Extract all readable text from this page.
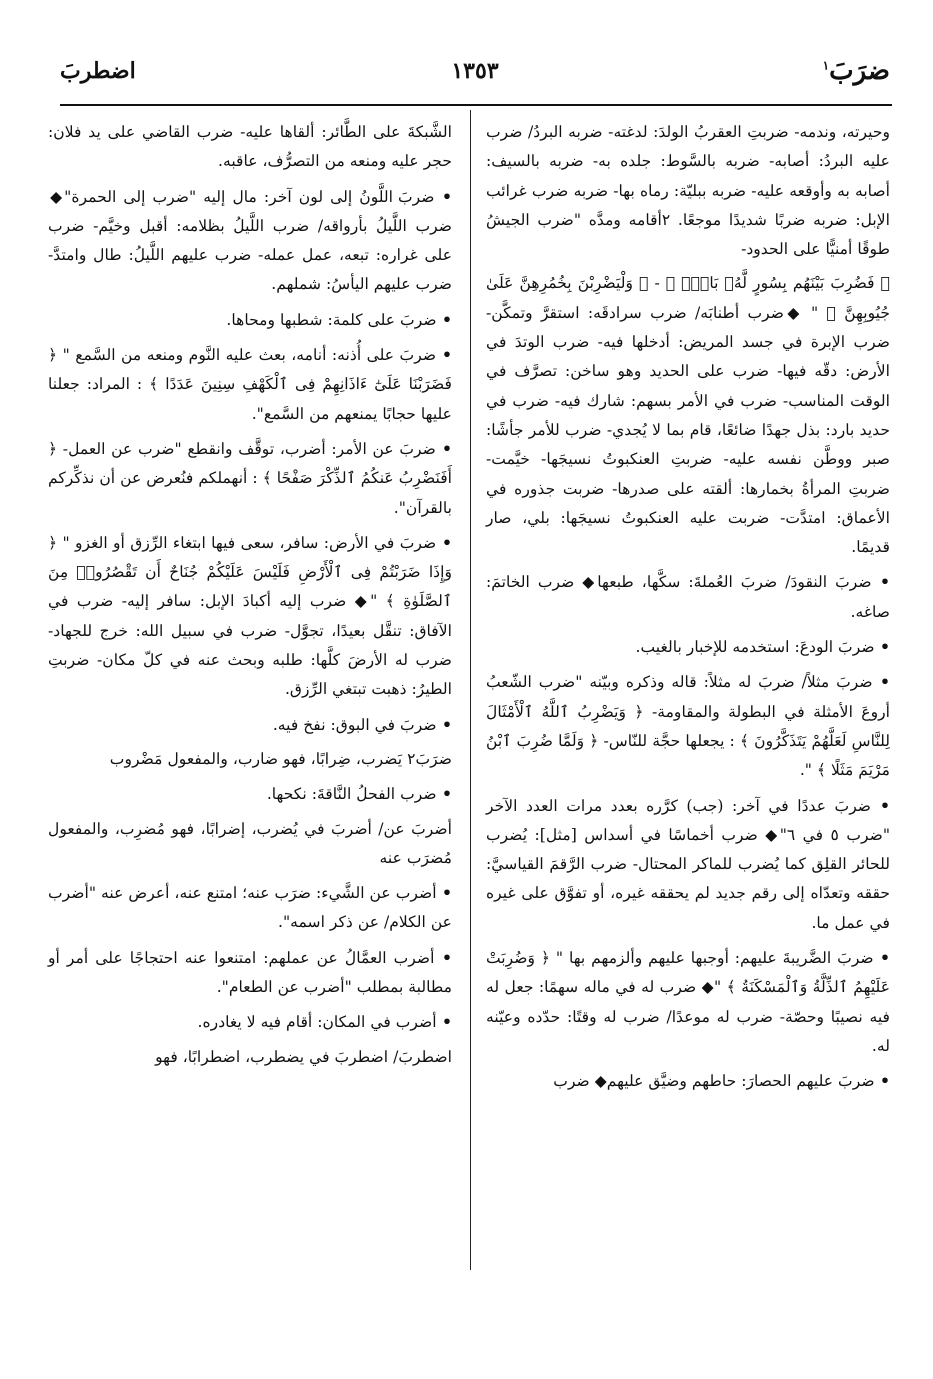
ضرَبَ$^١$
١٣٥٣
اضطربَ

وحيرته، وندمه- ضربتِ العقربُ الولدَ: لدغته- ضربه البردُ/ ضرب عليه البردُ: أصابه- ضربه بالسَّوط: جلده به- ضربه بالسيف: أصابه به وأوقعه عليه- ضربه ببليّة: رماه بها- ضربه ضرب غرائب الإبل: ضربه ضربًا شديدًا موجعًا. ٢أقامه ومدَّه "ضرب الجيشُ طوقًا أمنيًّا على الحدود-

﴿ فَضُرِبَ بَيْنَهُم بِسُورٍ لَّهُۥ بَابٌۢ ﴾ - ﴿ وَلْيَضْرِبْنَ بِخُمُرِهِنَّ عَلَىٰ جُيُوبِهِنَّ ﴾ " ◆ضرب أطنابَه/ ضرب سرادقَه: استقرَّ وتمكَّن- ضرب الإبرة في جسد المريض: أدخلها فيه- ضرب الوتدَ في الأرض: دقّه فيها- ضرب على الحديد وهو ساخن: تصرَّف في الوقت المناسب- ضرب في الأمر بسهم: شارك فيه- ضرب في حديد بارد: بذل جهدًا ضائعًا، قام بما لا يُجدي- ضرب للأمر جأشًا: صبر ووطَّن نفسه عليه- ضربتِ العنكبوتُ نسيجَها- خيَّمت- ضربتِ المرأةُ بخمارها: ألقته على صدرها- ضربت جذوره في الأعماق: امتدَّت- ضربت عليه العنكبوتُ نسيجَها: بلي، صار قديمًا.

• ضربَ النقودَ/ ضربَ العُملةَ: سكَّها، طبعها◆ ضرب الخاتمَ: صاغه.

• ضربَ الودعَ: استخدمه للإخبار بالغيب.

• ضربَ مثلاً/ ضربَ له مثلاً: قاله وذكره وبيّنه "ضرب الشّعبُ أروعَ الأمثلة في البطولة والمقاومة- ﴿ وَيَضْرِبُ ٱللَّهُ ٱلْأَمْثَالَ لِلنَّاسِ لَعَلَّهُمْ يَتَذَكَّرُونَ ﴾ : يجعلها حجَّة للنّاس- ﴿ وَلَمَّا ضُرِبَ ٱبْنُ مَرْيَمَ مَثَلًا ﴾ ".

• ضربَ عددًا في آخر: (جب) كرَّره بعدد مرات العدد الآخر "ضرب ٥ في ٦"◆ ضرب أخماسًا في أسداس [مثل]: يُضرب للحائر القلِق كما يُضرب للماكر المحتال- ضرب الرَّقمَ القياسيَّ: حققه وتعدّاه إلى رقم جديد لم يحققه غيره، أو تفوَّق على غيره في عمل ما.

• ضربَ الضَّريبةَ عليهم: أوجبها عليهم وألزمهم بها " ﴿ وَضُرِبَتْ عَلَيْهِمُ ٱلذِّلَّةُ وَٱلْمَسْكَنَةُ ﴾ "◆ ضرب له في ماله سهمًا: جعل له فيه نصيبًا وحصّة- ضرب له موعدًا/ ضرب له وقتًا: حدّده وعيّنه له.

• ضربَ عليهم الحصارَ: حاطهم وضيَّق عليهم◆ ضرب

الشَّبكةَ على الطَّائر: ألقاها عليه- ضرب القاضي على يد فلان: حجر عليه ومنعه من التصرُّف، عاقبه.

• ضربَ اللَّونُ إلى لون آخر: مال إليه "ضرب إلى الحمرة"◆ ضرب اللَّيلُ بأرواقه/ ضرب اللَّيلُ بظلامه: أقبل وخيَّم- ضرب على غراره: تبعه، عمل عمله- ضرب عليهم اللَّيلُ: طال وامتدَّ- ضرب عليهم اليأسُ: شملهم.

• ضربَ على كلمة: شطبها ومحاها.

• ضربَ على أُذنه: أنامه، بعث عليه النَّوم ومنعه من السَّمع " ﴿ فَضَرَبْنَا عَلَىٰٓ ءَاذَانِهِمْ فِى ٱلْكَهْفِ سِنِينَ عَدَدًا ﴾ : المراد: جعلنا عليها حجابًا يمنعهم من السَّمع".

• ضربَ عن الأمر: أضرب، توقَّف وانقطع "ضرب عن العمل- ﴿ أَفَنَضْرِبُ عَنكُمُ ٱلذِّكْرَ صَفْحًا ﴾ : أنهملكم فنُعرض عن أن نذكِّركم بالقرآن".

• ضربَ في الأرض: سافر، سعى فيها ابتغاء الرِّزق أو الغزو " ﴿ وَإِذَا ضَرَبْتُمْ فِى ٱلْأَرْضِ فَلَيْسَ عَلَيْكُمْ جُنَاحٌ أَن تَقْصُرُوا۟ مِنَ ٱلصَّلَوٰةِ ﴾ "◆ ضرب إليه أكبادَ الإبل: سافر إليه- ضرب في الآفاق: تنقَّل بعيدًا، تجوَّل- ضرب في سبيل الله: خرج للجهاد- ضرب له الأرضَ كلَّها: طلبه وبحث عنه في كلّ مكان- ضربتِ الطيرُ: ذهبت تبتغي الرِّزق.

• ضربَ في البوق: نفخ فيه.

ضرَبَ٢ يَضرب، ضِرابًا، فهو ضارب، والمفعول مَضْروب

• ضرب الفحلُ النَّاقةَ: نكحها.

أضربَ عن/ أضربَ في يُضرب، إضرابًا، فهو مُضرِب، والمفعول مُضرَب عنه

• أضرب عن الشَّيء: ضرَب عنه؛ امتنع عنه، أعرض عنه "أضرب عن الكلام/ عن ذكر اسمه".

• أضرب العمَّالُ عن عملهم: امتنعوا عنه احتجاجًا على أمر أو مطالبة بمطلب "أضرب عن الطعام".

• أضرب في المكان: أقام فيه لا يغادره.

اضطربَ/ اضطربَ في يضطرب، اضطرابًا، فهو
